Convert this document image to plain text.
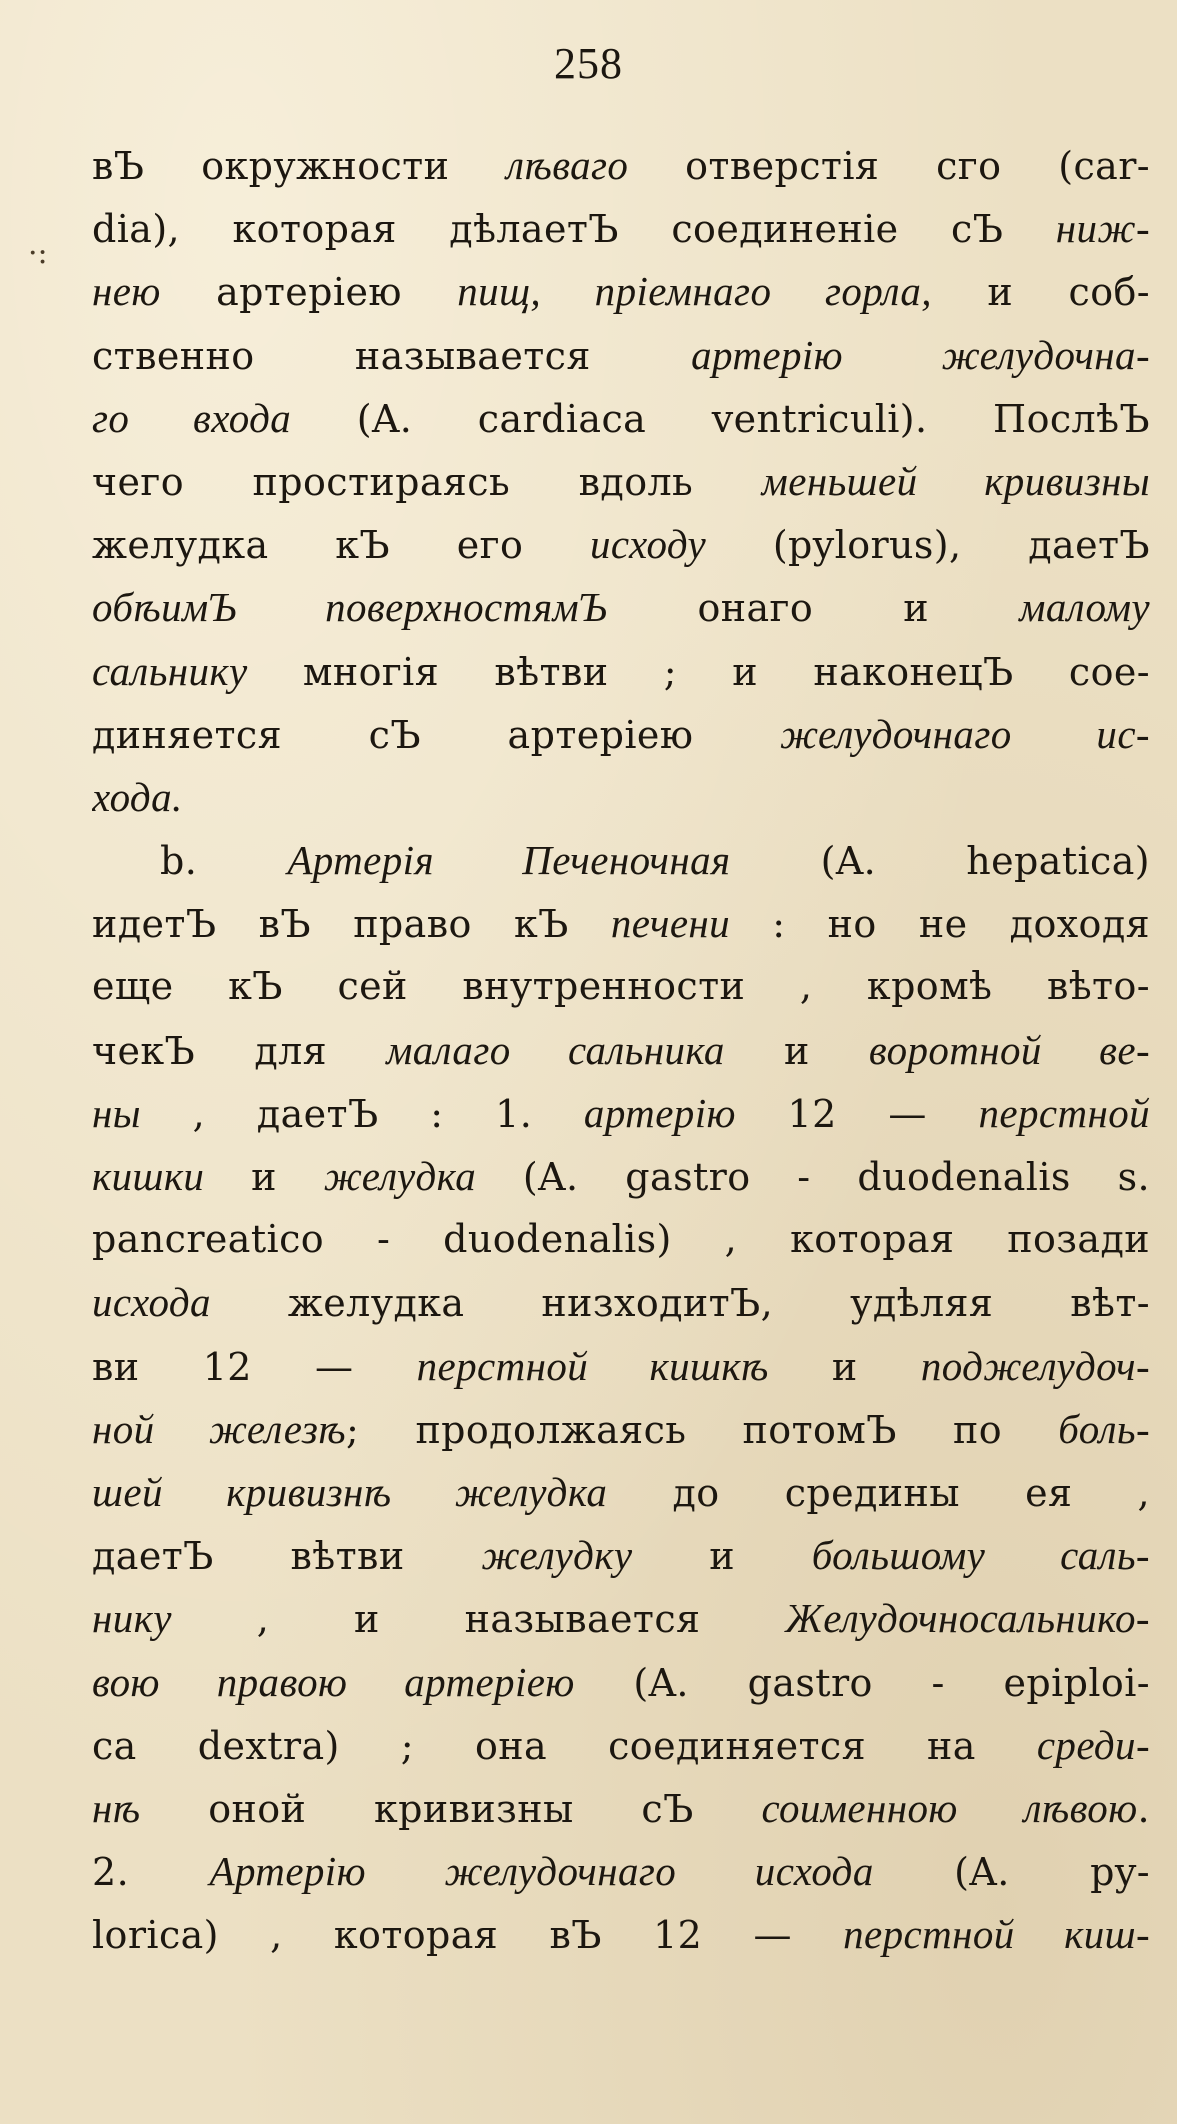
258
·:
вЪ окружности лѣваго отверстія сго (car-
dia), которая дѣлаетЪ соединеніе сЪ ниж-
нею артеріею пищ, пріемнаго горла, и соб-
ственно называется артерію желудочна-
го входа (A. cardiaca ventriculi). ПослѣЪ
чего простираясь вдоль меньшей кривизны
желудка кЪ его исходу (pylorus), даетЪ
обѣимЪ поверхностямЪ онаго и малому
сальнику многія вѣтви ; и наконецЪ сое-
диняется сЪ артеріею желудочнаго ис-
хода.
b. Артерія Печеночная (A. hepatica)
идетЪ вЪ право кЪ печени : но не доходя
еще кЪ сей внутренности , кромѣ вѣто-
чекЪ для малаго сальника и воротной ве-
ны , даетЪ : 1. артерію 12 — перстной
кишки и желудка (A. gastro - duodenalis s.
pancreatico - duodenalis) , которая позади
исхода желудка низходитЪ, удѣляя вѣт-
ви 12 — перстной кишкѣ и поджелудоч-
ной железѣ; продолжаясь потомЪ по боль-
шей кривизнѣ желудка до средины ея ,
даетЪ вѣтви желудку и большому саль-
нику , и называется Желудочносальнико-
вою правою артеріею (A. gastro - epiploi-
ca dextra) ; она соединяется на среди-
нѣ оной кривизны сЪ соименною лѣвою.
2. Артерію желудочнаго исхода (A. py-
lorica) , которая вЪ 12 — перстной киш-
